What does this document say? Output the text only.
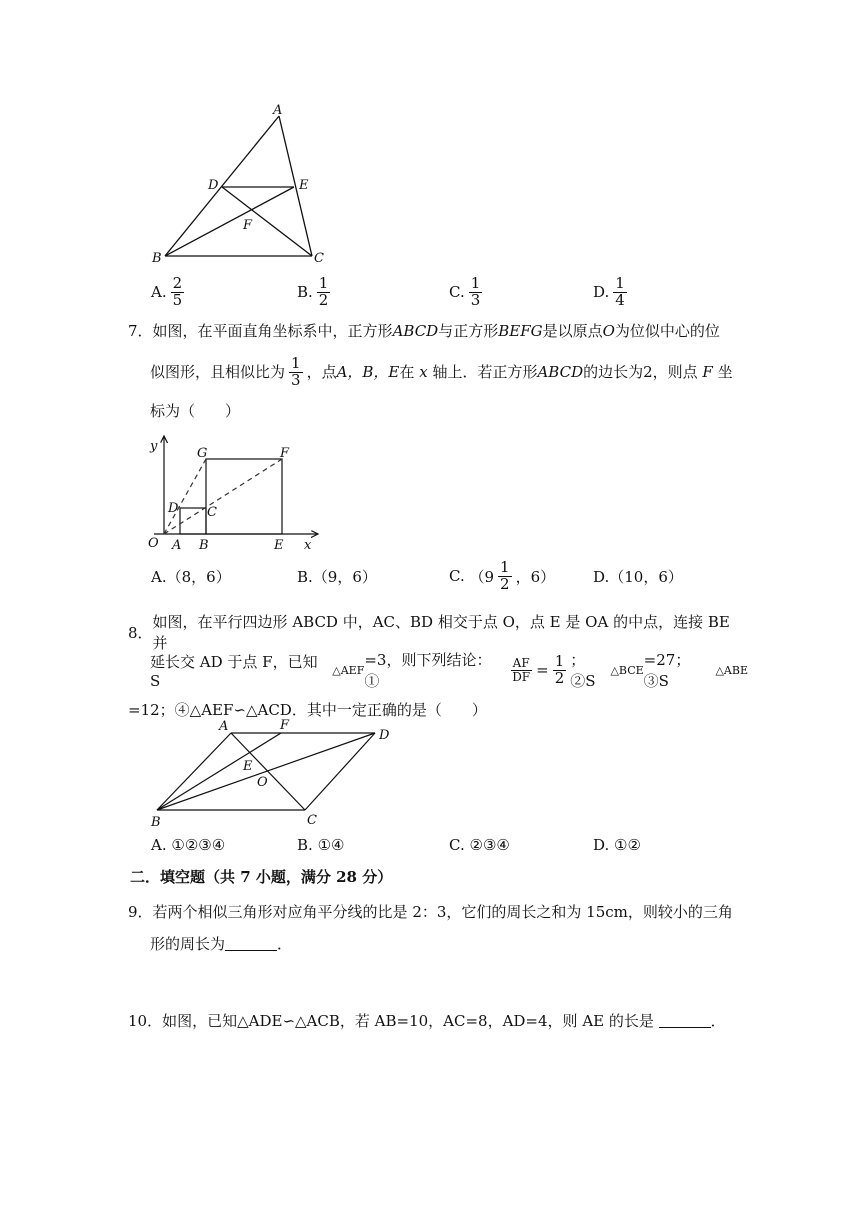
A
D	E
F
B	C
A. $\frac{2}{5}$	B. $\frac{1}{2}$	C. $\frac{1}{3}$	D. $\frac{1}{4}$
7．如图，在平面直角坐标系中，正方形ABCD与正方形BEFG是以原点O为位似中心的位
似图形，且相似比为 $\frac{1}{3}$ ，点 A，B，E 在
x
轴上．若正方形 ABCD 的边长为2，则点
F
坐
标为（　　）
y
x
O A B	E
D C
G	F
A. （8，6）	B. （9，6）	C.
（$9 \frac{1}{2}$ ，6）	D. （10，6）
8．
如图，在平行四边形 ABCD 中，AC、BD 相交于点 O，点 E 是 OA 的中点，连接 BE 并
延长交 AD 于点 F，已知 S
△AEF
=3，则下列结论：①	$\frac{AF}{DF} = \frac{1}{2}$ ；②S
△BCE
=27；③S
△ABE
=12；④△AEF∽△ACD．其中一定正确的是（　　）
A	F
D
E
O
B	C
A.
①②③④	B.
①④	C.
②③④	D.
①②
二．填空题（共 7 小题，满分 28 分）
9． 若两个相似三角形对应角平分线的比是 2：3，它们的周长之和为 15cm，则较小的三角
形的周长为	．
10． 如图，已知△ADE∽△ACB，若 AB=10，AC=8，AD=4，则 AE 的长是
	．
